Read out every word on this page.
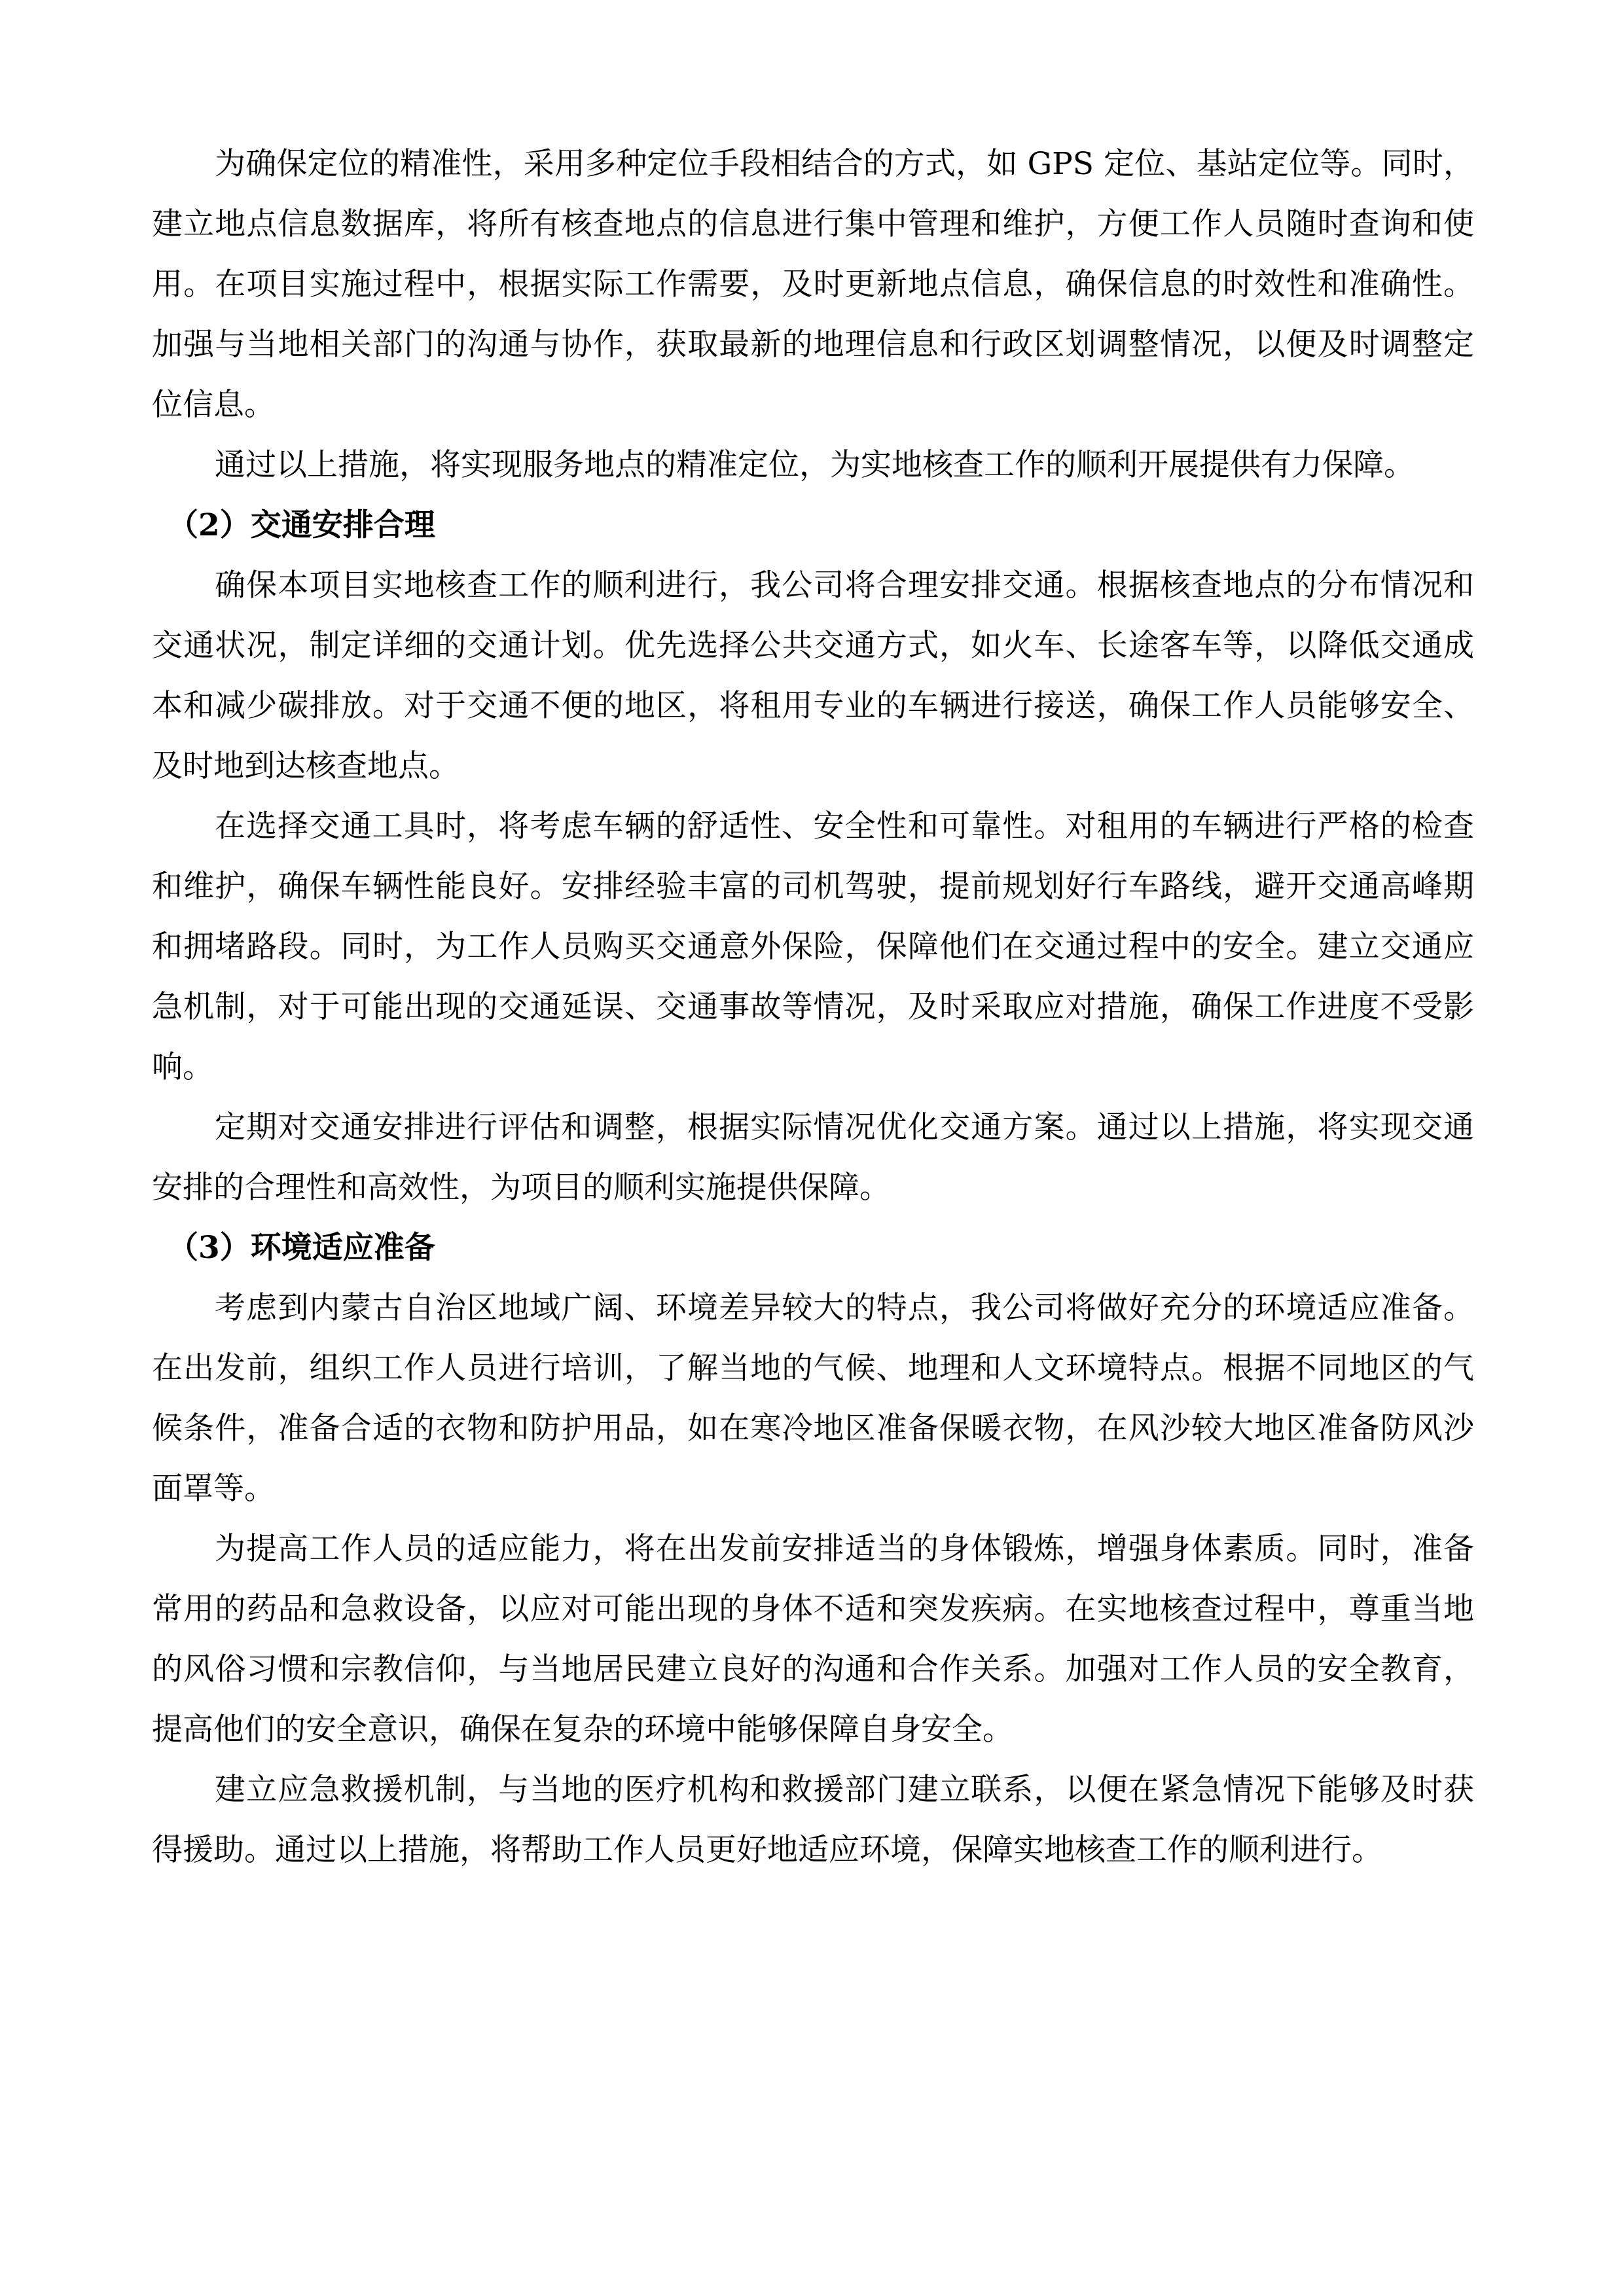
为确保定位的精准性，采用多种定位手段相结合的方式，如 GPS 定位、基站定位等。同时，建立地点信息数据库，将所有核查地点的信息进行集中管理和维护，方便工作人员随时查询和使用。在项目实施过程中，根据实际工作需要，及时更新地点信息，确保信息的时效性和准确性。加强与当地相关部门的沟通与协作，获取最新的地理信息和行政区划调整情况，以便及时调整定位信息。

通过以上措施，将实现服务地点的精准定位，为实地核查工作的顺利开展提供有力保障。

（2）交通安排合理

确保本项目实地核查工作的顺利进行，我公司将合理安排交通。根据核查地点的分布情况和交通状况，制定详细的交通计划。优先选择公共交通方式，如火车、长途客车等，以降低交通成本和减少碳排放。对于交通不便的地区，将租用专业的车辆进行接送，确保工作人员能够安全、及时地到达核查地点。

在选择交通工具时，将考虑车辆的舒适性、安全性和可靠性。对租用的车辆进行严格的检查和维护，确保车辆性能良好。安排经验丰富的司机驾驶，提前规划好行车路线，避开交通高峰期和拥堵路段。同时，为工作人员购买交通意外保险，保障他们在交通过程中的安全。建立交通应急机制，对于可能出现的交通延误、交通事故等情况，及时采取应对措施，确保工作进度不受影响。

定期对交通安排进行评估和调整，根据实际情况优化交通方案。通过以上措施，将实现交通安排的合理性和高效性，为项目的顺利实施提供保障。

（3）环境适应准备

考虑到内蒙古自治区地域广阔、环境差异较大的特点，我公司将做好充分的环境适应准备。在出发前，组织工作人员进行培训，了解当地的气候、地理和人文环境特点。根据不同地区的气候条件，准备合适的衣物和防护用品，如在寒冷地区准备保暖衣物，在风沙较大地区准备防风沙面罩等。

为提高工作人员的适应能力，将在出发前安排适当的身体锻炼，增强身体素质。同时，准备常用的药品和急救设备，以应对可能出现的身体不适和突发疾病。在实地核查过程中，尊重当地的风俗习惯和宗教信仰，与当地居民建立良好的沟通和合作关系。加强对工作人员的安全教育，提高他们的安全意识，确保在复杂的环境中能够保障自身安全。

建立应急救援机制，与当地的医疗机构和救援部门建立联系，以便在紧急情况下能够及时获得援助。通过以上措施，将帮助工作人员更好地适应环境，保障实地核查工作的顺利进行。
